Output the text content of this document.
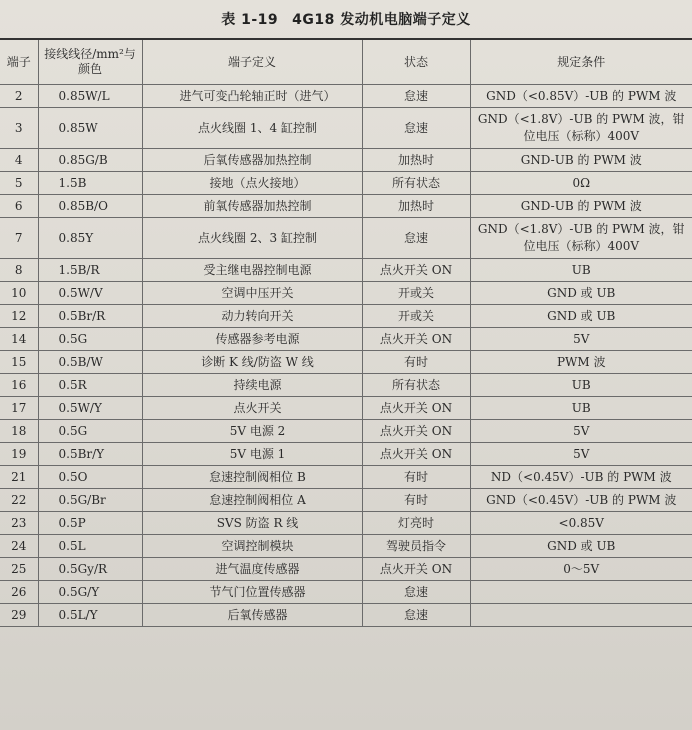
表 1-19 4G18 发动机电脑端子定义
端子	接线线径/mm²与颜色	端子定义	状态	规定条件
2	0.85W/L	进气可变凸轮轴正时（进气）	怠速	GND（<0.85V）-UB 的 PWM 波
3	0.85W	点火线圈 1、4 缸控制	怠速	GND（<1.8V）-UB 的 PWM 波，钳位电压（标称）400V
4	0.85G/B	后氧传感器加热控制	加热时	GND-UB 的 PWM 波
5	1.5B	接地（点火接地）	所有状态	0Ω
6	0.85B/O	前氧传感器加热控制	加热时	GND-UB 的 PWM 波
7	0.85Y	点火线圈 2、3 缸控制	怠速	GND（<1.8V）-UB 的 PWM 波，钳位电压（标称）400V
8	1.5B/R	受主继电器控制电源	点火开关 ON	UB
10	0.5W/V	空调中压开关	开或关	GND 或 UB
12	0.5Br/R	动力转向开关	开或关	GND 或 UB
14	0.5G	传感器参考电源	点火开关 ON	5V
15	0.5B/W	诊断 K 线/防盗 W 线	有时	PWM 波
16	0.5R	持续电源	所有状态	UB
17	0.5W/Y	点火开关	点火开关 ON	UB
18	0.5G	5V 电源 2	点火开关 ON	5V
19	0.5Br/Y	5V 电源 1	点火开关 ON	5V
21	0.5O	怠速控制阀相位 B	有时	ND（<0.45V）-UB 的 PWM 波
22	0.5G/Br	怠速控制阀相位 A	有时	GND（<0.45V）-UB 的 PWM 波
23	0.5P	SVS 防盗 R 线	灯亮时	<0.85V
24	0.5L	空调控制模块	驾驶员指令	GND 或 UB
25	0.5Gy/R	进气温度传感器	点火开关 ON	0～5V
26	0.5G/Y	节气门位置传感器	怠速	
29	0.5L/Y	后氧传感器	怠速	
